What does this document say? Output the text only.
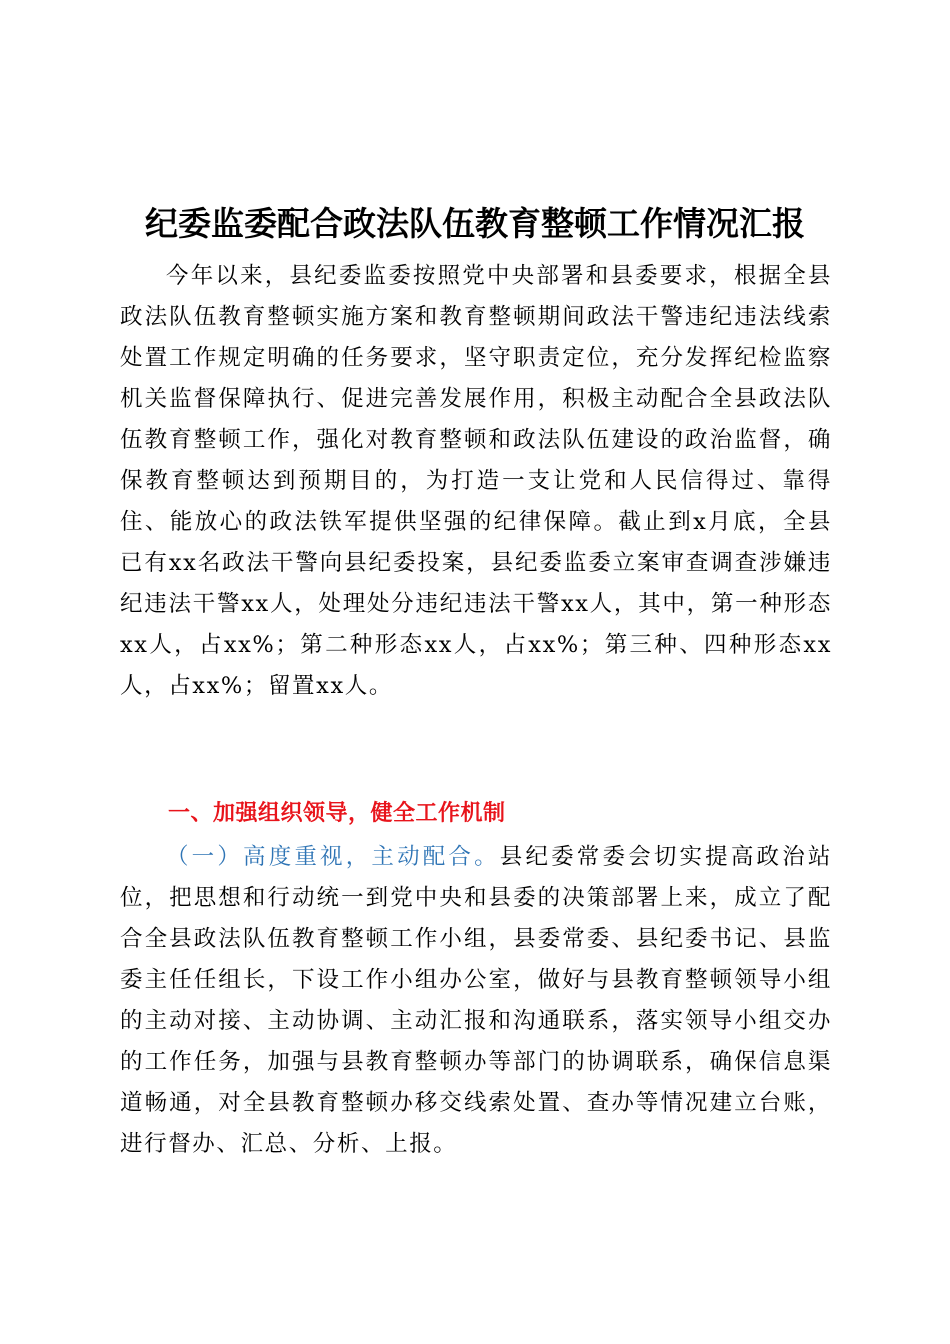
纪委监委配合政法队伍教育整顿工作情况汇报

今年以来，县纪委监委按照党中央部署和县委要求，根据全县政法队伍教育整顿实施方案和教育整顿期间政法干警违纪违法线索处置工作规定明确的任务要求，坚守职责定位，充分发挥纪检监察机关监督保障执行、促进完善发展作用，积极主动配合全县政法队伍教育整顿工作，强化对教育整顿和政法队伍建设的政治监督，确保教育整顿达到预期目的，为打造一支让党和人民信得过、靠得住、能放心的政法铁军提供坚强的纪律保障。截止到x月底，全县已有xx名政法干警向县纪委投案，县纪委监委立案审查调查涉嫌违纪违法干警xx人，处理处分违纪违法干警xx人，其中，第一种形态xx人，占xx%；第二种形态xx人，占xx%；第三种、四种形态xx人，占xx%；留置xx人。

一、加强组织领导，健全工作机制

（一）高度重视，主动配合。县纪委常委会切实提高政治站位，把思想和行动统一到党中央和县委的决策部署上来，成立了配合全县政法队伍教育整顿工作小组，县委常委、县纪委书记、县监委主任任组长，下设工作小组办公室，做好与县教育整顿领导小组的主动对接、主动协调、主动汇报和沟通联系，落实领导小组交办的工作任务，加强与县教育整顿办等部门的协调联系，确保信息渠道畅通，对全县教育整顿办移交线索处置、查办等情况建立台账，进行督办、汇总、分析、上报。
